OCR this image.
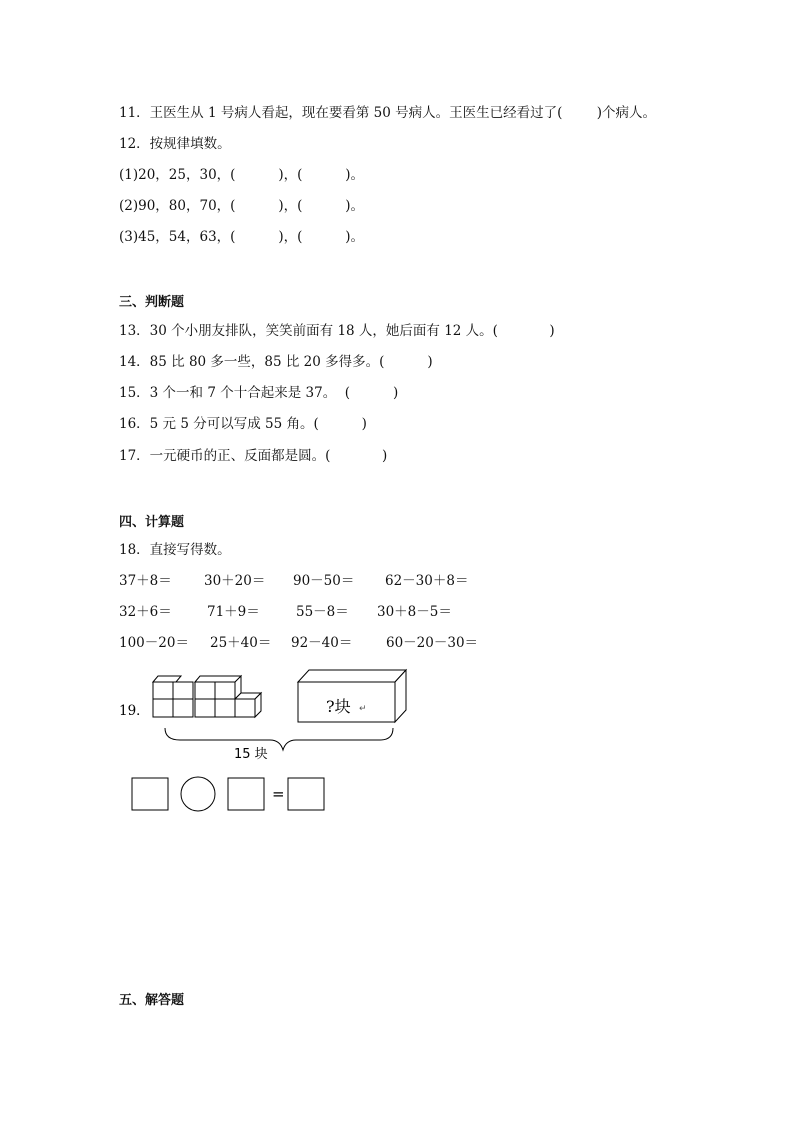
11．王医生从 1 号病人看起，现在要看第 50 号病人。王医生已经看过了(        )个病人。
12．按规律填数。
(1)20，25，30，(          )，(          )。
(2)90，80，70，(          )，(          )。
(3)45，54，63，(          )，(          )。
三、判断题
13．30 个小朋友排队，笑笑前面有 18 人，她后面有 12 人。(            )
14．85 比 80 多一些，85 比 20 多得多。(          )
15．3 个一和 7 个十合起来是 37。  (          )
16．5 元 5 分可以写成 55 角。(          )
17．一元硬币的正、反面都是圆。(            )
四、计算题
18．直接写得数。
37＋8＝ 30＋20＝ 90－50＝ 62－30＋8＝
32＋6＝	71＋9＝	55－8＝ 30＋8－5＝
100－20＝ 25＋40＝ 92－40＝ 60－20－30＝
19．	?块 ↵
15 块
=
五、解答题
